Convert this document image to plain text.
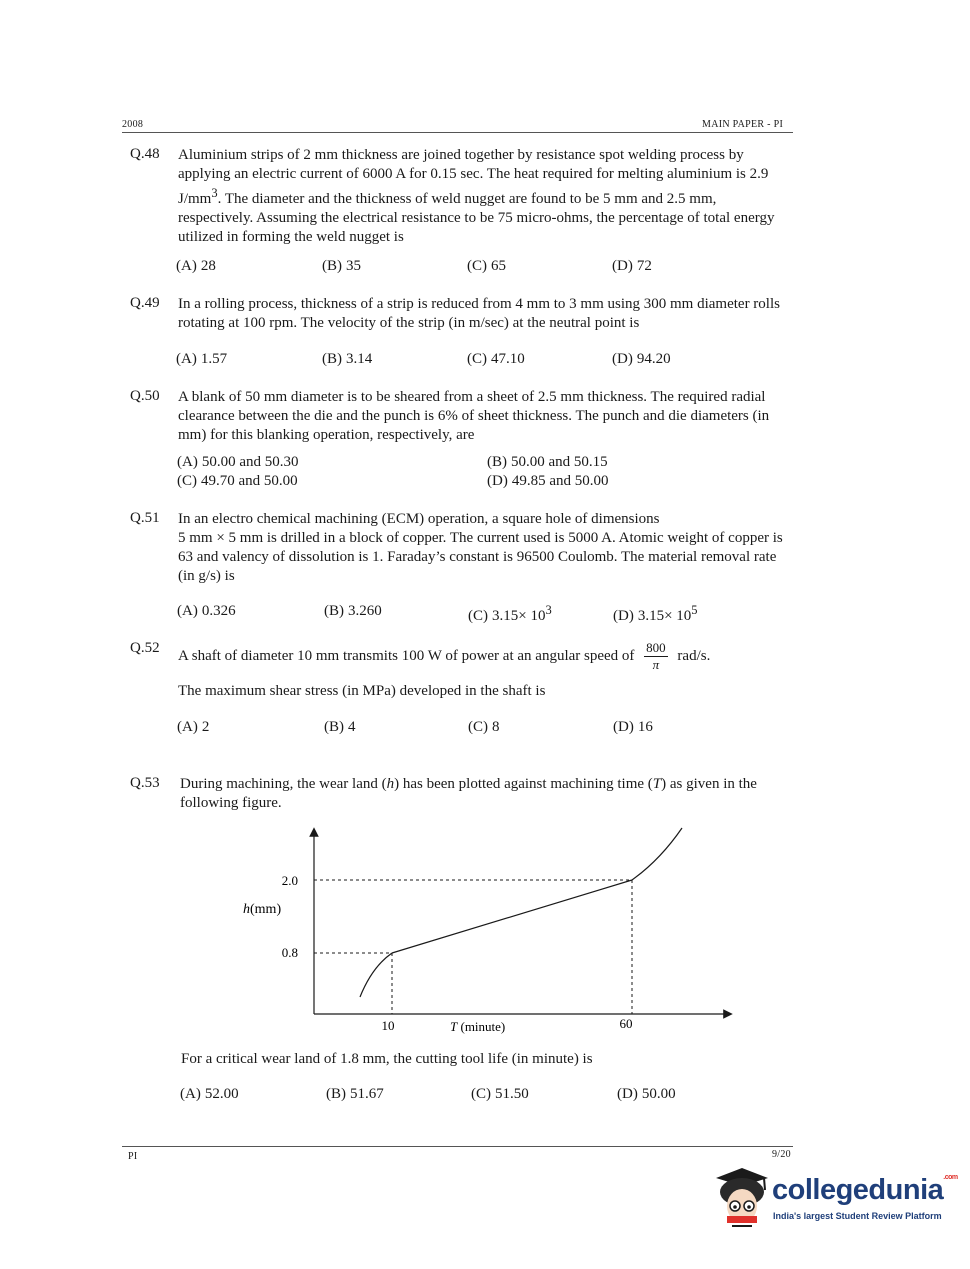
2008	MAIN PAPER - PI
Q.48 Aluminium strips of 2 mm thickness are joined together by resistance spot welding process by applying an electric current of 6000 A for 0.15 sec. The heat required for melting aluminium is 2.9 $J/mm^3$. The diameter and the thickness of weld nugget are found to be 5 mm and 2.5 mm, respectively. Assuming the electrical resistance to be 75 micro-ohms, the percentage of total energy utilized in forming the weld nugget is
(A) 28	(B) 35	(C) 65	(D) 72
Q.49 In a rolling process, thickness of a strip is reduced from 4 mm to 3 mm using 300 mm diameter rolls rotating at 100 rpm. The velocity of the strip (in m/sec) at the neutral point is
(A) 1.57	(B) 3.14	(C) 47.10	(D) 94.20
Q.50 A blank of 50 mm diameter is to be sheared from a sheet of 2.5 mm thickness. The required radial clearance between the die and the punch is 6% of sheet thickness. The punch and die diameters (in mm) for this blanking operation, respectively, are
(A) 50.00 and 50.30	(B) 50.00 and 50.15
(C) 49.70 and 50.00	(D) 49.85 and 50.00
Q.51 In an electro chemical machining (ECM) operation, a square hole of dimensions
5 mm × 5 mm is drilled in a block of copper. The current used is 5000 A. Atomic weight of copper is 63 and valency of dissolution is 1. Faraday’s constant is 96500 Coulomb. The material removal rate (in g/s) is
(A) 0.326	(B) 3.260	(C) $3.15\times 10^3$	(D) $3.15\times 10^5$
Q.52 A shaft of diameter 10 mm transmits 100 W of power at an angular speed of $\frac{800}{\pi} rad/s$.
The maximum shear stress (in MPa) developed in the shaft is
(A) 2	(B) 4	(C) 8	(D) 16
Q.53 During machining, the wear land (h) has been plotted against machining time (T) as given in the following figure.
10	60
0.8
2.0
T (minute)
h(mm)
For a critical wear land of 1.8 mm, the cutting tool life (in minute) is
(A) 52.00	(B) 51.67	(C) 51.50	(D) 50.00
PI	9/20
collegedunia$^{.com}$
India's largest Student Review Platform
